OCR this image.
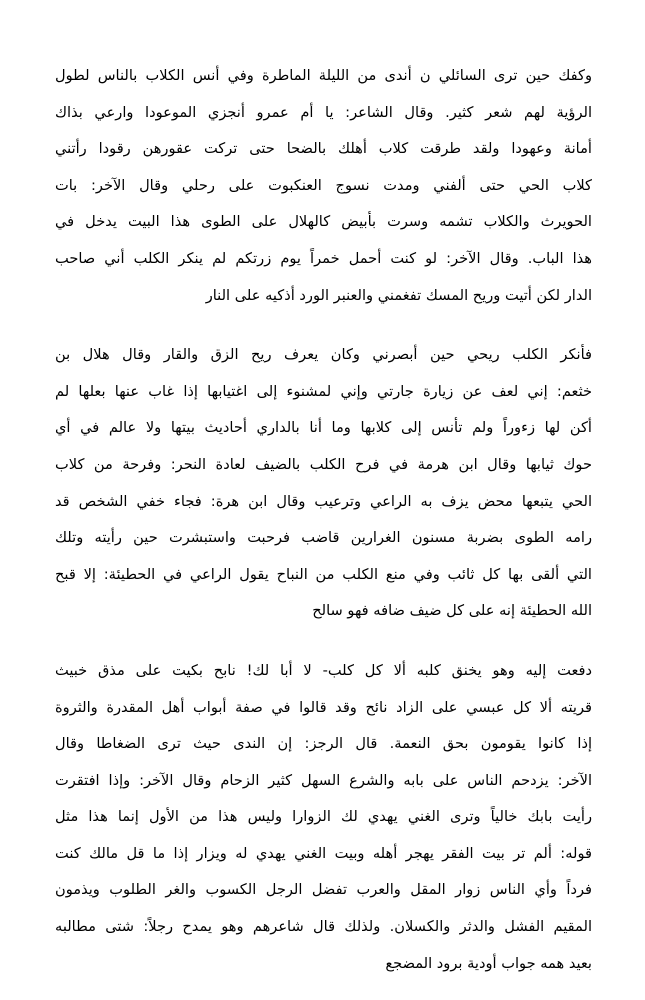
وكفك حين ترى السائلي ن أندى من الليلة الماطرة وفي أنس الكلاب بالناس لطول
الرؤية لهم شعر كثير. وقال الشاعر: يا أم عمرو أنجزي الموعودا وارعي بذاك
أمانة وعهودا ولقد طرقت كلاب أهلك بالضحا حتى تركت عقورهن رقودا رأتني
كلاب الحي حتى ألفني ومدت نسوج العنكبوت على رحلي وقال الآخر: بات
الحويرث والكلاب تشمه وسرت بأبيض كالهلال على الطوى هذا البيت يدخل في
هذا الباب. وقال الآخر: لو كنت أحمل خمراً يوم زرتكم لم ينكر الكلب أني صاحب
الدار لكن أتيت وريح المسك تفغمني والعنبر الورد أذكيه على النار
فأنكر الكلب ريحي حين أبصرني وكان يعرف ريح الزق والقار وقال هلال بن
خثعم: إني لعف عن زيارة جارتي وإني لمشنوء إلى اغتيابها إذا غاب عنها بعلها لم
أكن لها زءوراً ولم تأنس إلى كلابها وما أنا بالداري أحاديث بيتها ولا عالم في أي
حوك ثيابها وقال ابن هرمة في فرح الكلب بالضيف لعادة النحر: وفرحة من كلاب
الحي يتبعها محض يزف به الراعي وترعيب وقال ابن هرة: فجاء خفي الشخص قد
رامه الطوى بضربة مسنون الغرارين قاضب فرحبت واستبشرت حين رأيته وتلك
التي ألقى بها كل ثائب وفي منع الكلب من النباح يقول الراعي في الحطيئة: إلا قبح
الله الحطيئة إنه على كل ضيف ضافه فهو سالح
دفعت إليه وهو يخنق كلبه ألا كل كلب- لا أبا لك! نابح بكيت على مذق خبيث
قريته ألا كل عبسي على الزاد نائح وقد قالوا في صفة أبواب أهل المقدرة والثروة
إذا كانوا يقومون بحق النعمة. قال الرجز: إن الندى حيث ترى الضغاطا وقال
الآخر: يزدحم الناس على بابه والشرع السهل كثير الزحام وقال الآخر: وإذا افتقرت
رأيت بابك خالياً وترى الغني يهدي لك الزوارا وليس هذا من الأول إنما هذا مثل
قوله: ألم تر بيت الفقر يهجر أهله وبيت الغني يهدي له ويزار إذا ما قل مالك كنت
فرداً وأي الناس زوار المقل والعرب تفضل الرجل الكسوب والغر الطلوب ويذمون
المقيم الفشل والدثر والكسلان. ولذلك قال شاعرهم وهو يمدح رجلاً: شتى مطالبه
بعيد همه جواب أودية برود المضجع
